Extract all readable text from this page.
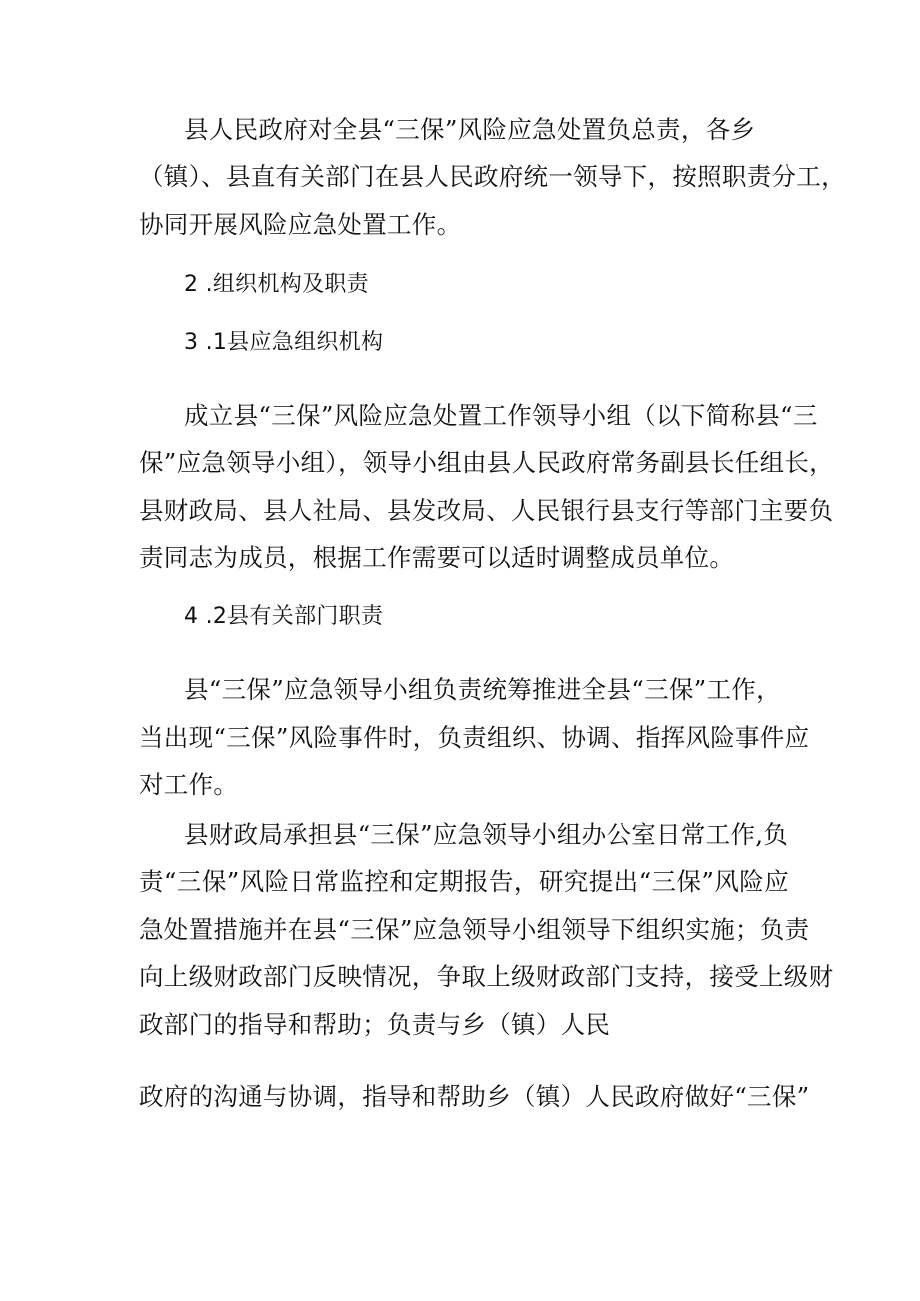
县人民政府对全县“三保”风险应急处置负总责，各乡
（镇）、县直有关部门在县人民政府统一领导下，按照职责分工，
协同开展风险应急处置工作。
2 .组织机构及职责
3 .1县应急组织机构
成立县“三保”风险应急处置工作领导小组（以下简称县“三
保”应急领导小组），领导小组由县人民政府常务副县长任组长，
县财政局、县人社局、县发改局、人民银行县支行等部门主要负
责同志为成员，根据工作需要可以适时调整成员单位。
4 .2县有关部门职责
县“三保”应急领导小组负责统筹推进全县“三保”工作，
当出现“三保”风险事件时，负责组织、协调、指挥风险事件应
对工作。
县财政局承担县“三保”应急领导小组办公室日常工作,负
责“三保”风险日常监控和定期报告，研究提出“三保”风险应
急处置措施并在县“三保”应急领导小组领导下组织实施；负责
向上级财政部门反映情况，争取上级财政部门支持，接受上级财
政部门的指导和帮助；负责与乡（镇）人民
政府的沟通与协调，指导和帮助乡（镇）人民政府做好“三保”
